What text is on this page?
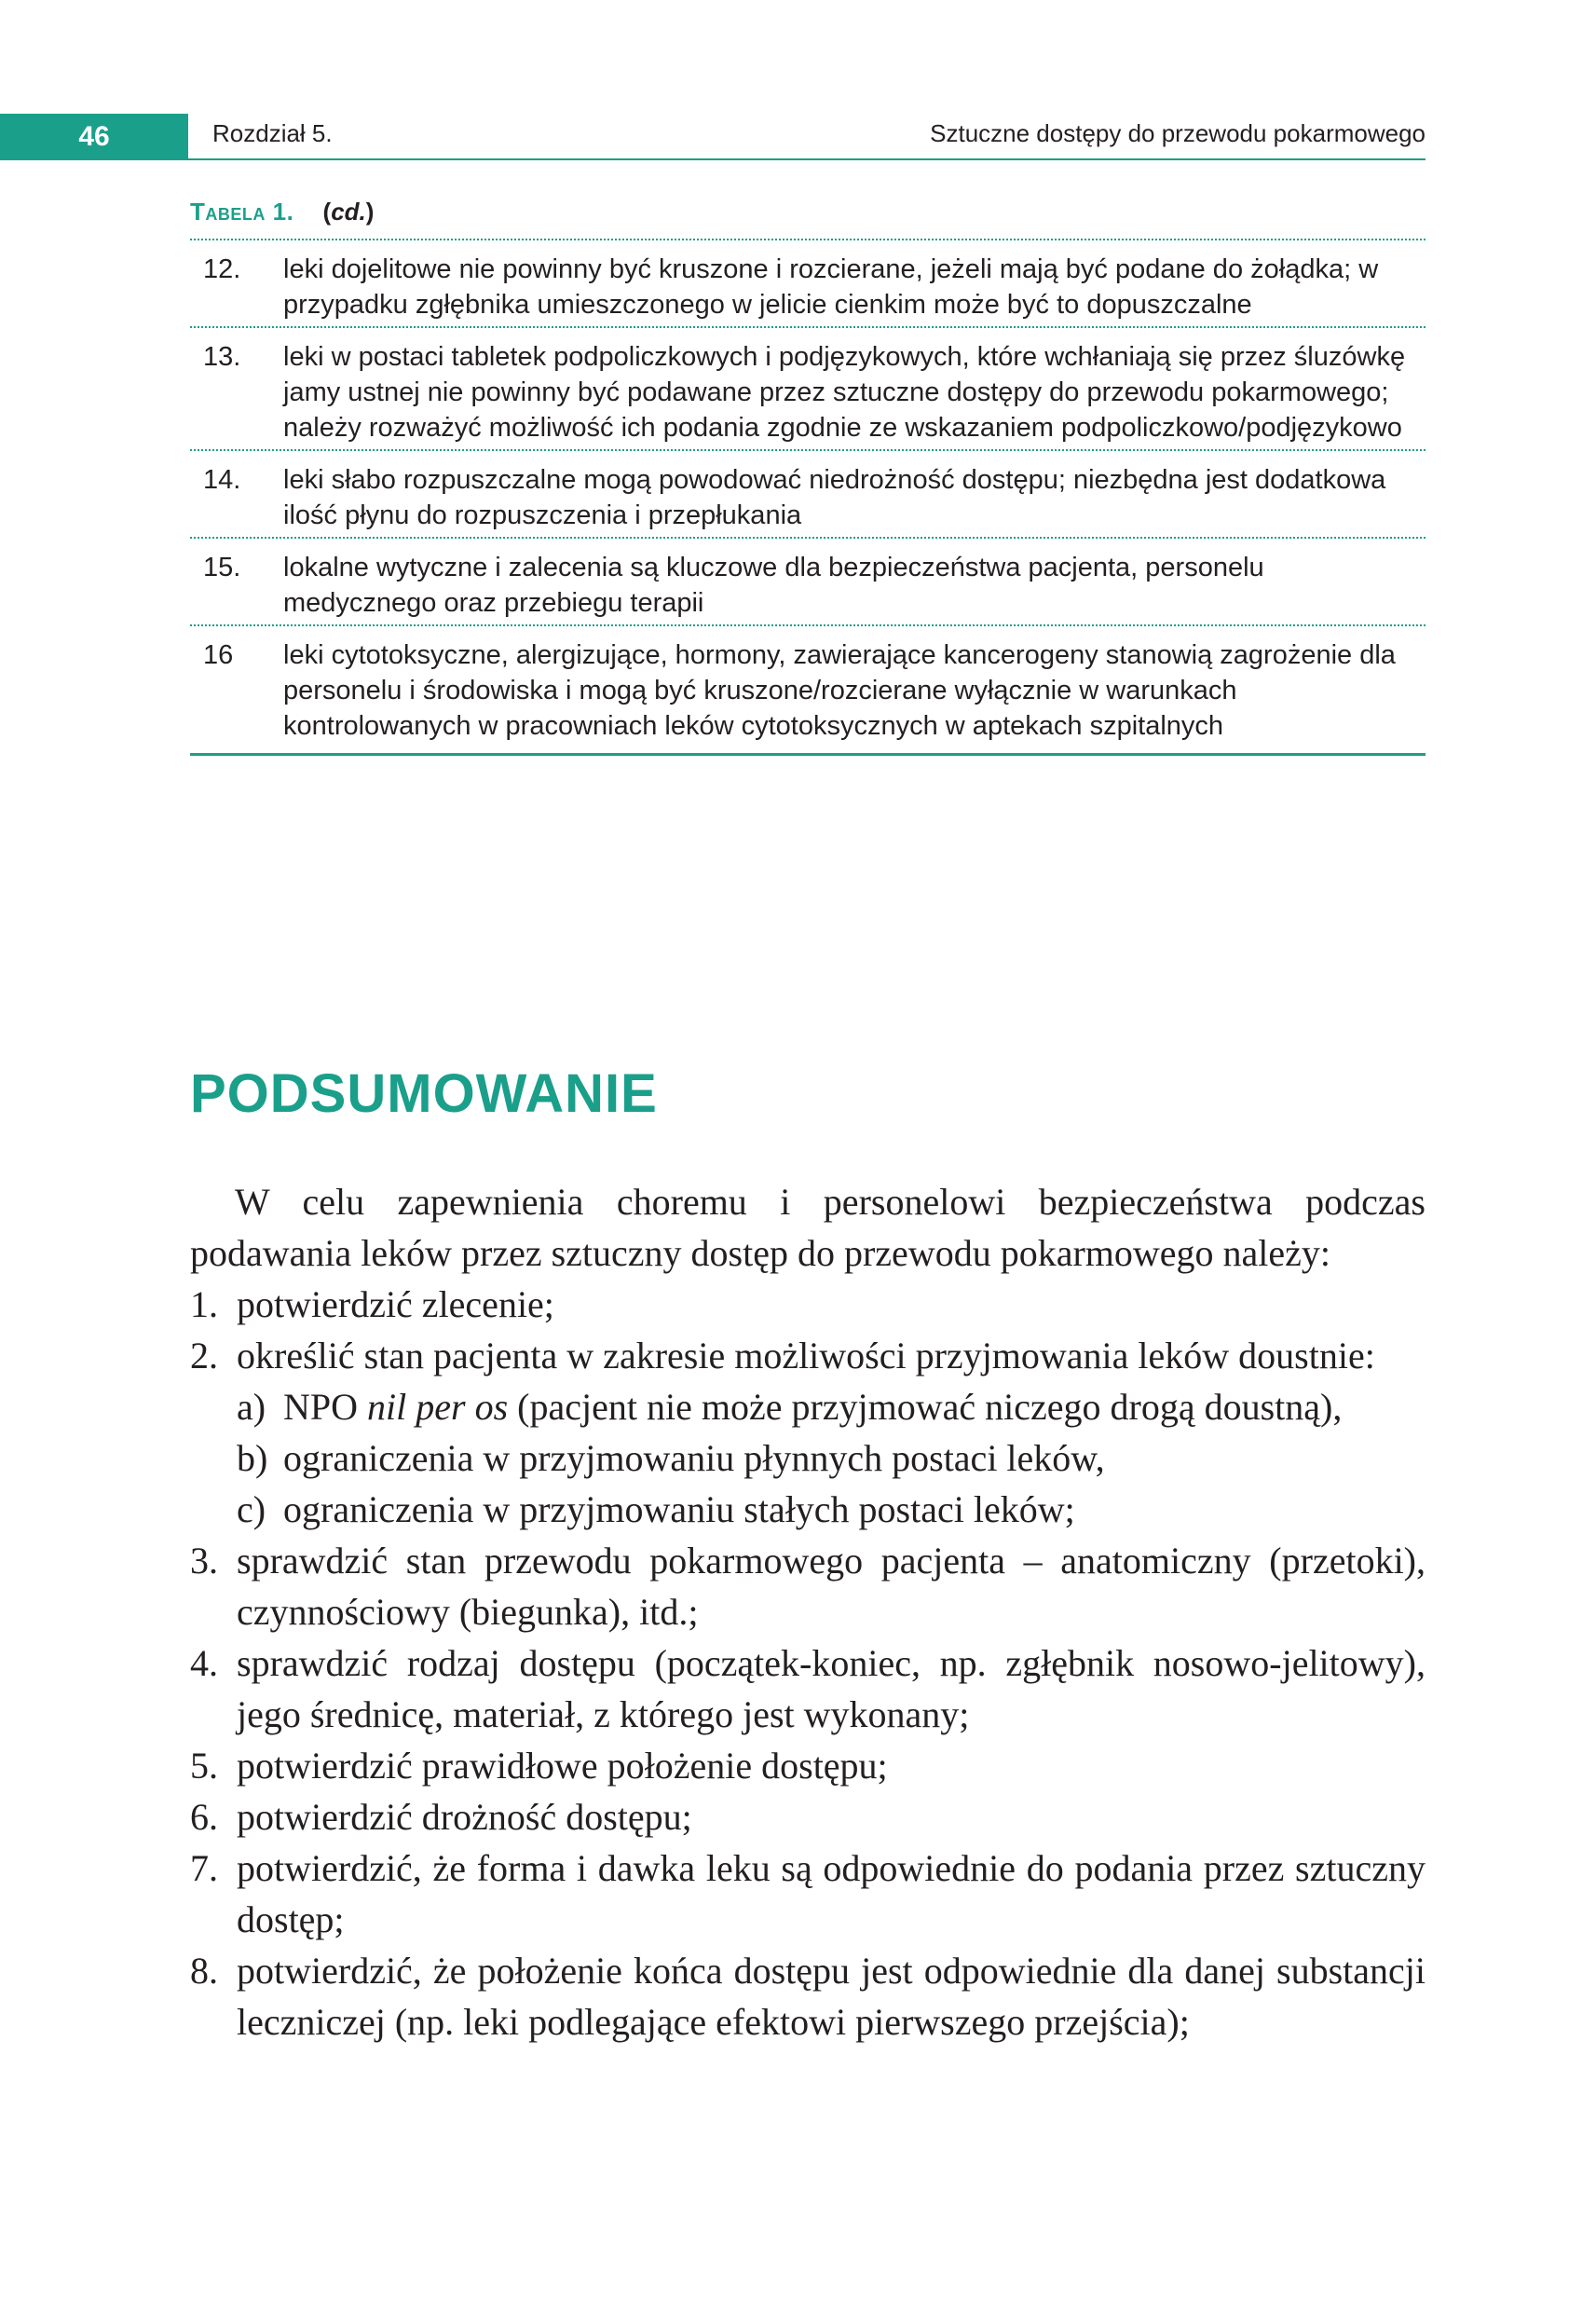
46	Rozdział 5.	Sztuczne dostępy do przewodu pokarmowego
Tabela 1. (cd.)
12.	leki dojelitowe nie powinny być kruszone i rozcierane, jeżeli mają być podane do żołądka; w przypadku zgłębnika umieszczonego w jelicie cienkim może być to dopuszczalne
13.	leki w postaci tabletek podpoliczkowych i podjęzykowych, które wchłaniają się przez śluzówkę jamy ustnej nie powinny być podawane przez sztuczne dostępy do przewodu pokarmowego; należy rozważyć możliwość ich podania zgodnie ze wskazaniem podpoliczkowo/podjęzykowo
14.	leki słabo rozpuszczalne mogą powodować niedrożność dostępu; niezbędna jest dodatkowa ilość płynu do rozpuszczenia i przepłukania
15.	lokalne wytyczne i zalecenia są kluczowe dla bezpieczeństwa pacjenta, personelu medycznego oraz przebiegu terapii
16	leki cytotoksyczne, alergizujące, hormony, zawierające kancerogeny stanowią zagrożenie dla personelu i środowiska i mogą być kruszone/rozcierane wyłącznie w warunkach kontrolowanych w pracowniach leków cytotoksycznych w aptekach szpitalnych
PODSUMOWANIE

W celu zapewnienia choremu i personelowi bezpieczeństwa podczas podawania leków przez sztuczny dostęp do przewodu pokarmowego należy:

1. potwierdzić zlecenie;
2. określić stan pacjenta w zakresie możliwości przyjmowania leków doustnie:
a) NPO nil per os (pacjent nie może przyjmować niczego drogą doustną),
b) ograniczenia w przyjmowaniu płynnych postaci leków,
c) ograniczenia w przyjmowaniu stałych postaci leków;
3. sprawdzić stan przewodu pokarmowego pacjenta – anatomiczny (przetoki), czynnościowy (biegunka), itd.;
4. sprawdzić rodzaj dostępu (początek-koniec, np. zgłębnik nosowo-jelitowy), jego średnicę, materiał, z którego jest wykonany;
5. potwierdzić prawidłowe położenie dostępu;
6. potwierdzić drożność dostępu;
7. potwierdzić, że forma i dawka leku są odpowiednie do podania przez sztuczny dostęp;
8. potwierdzić, że położenie końca dostępu jest odpowiednie dla danej substancji leczniczej (np. leki podlegające efektowi pierwszego przejścia);
